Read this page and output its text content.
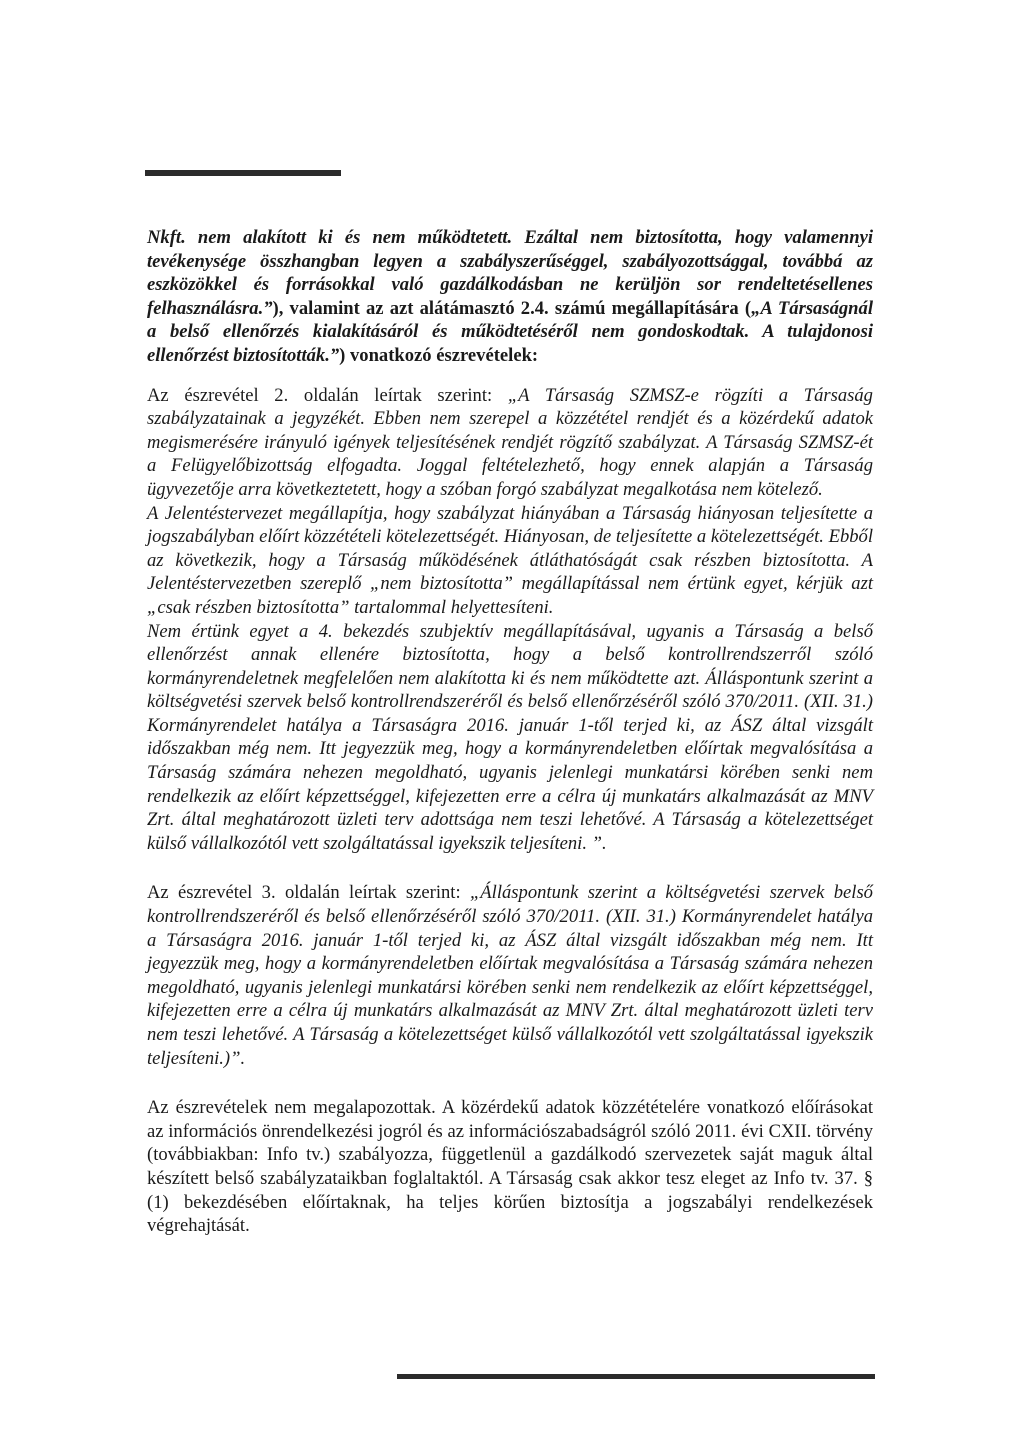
Nkft. nem alakított ki és nem működtetett. Ezáltal nem biztosította, hogy valamennyi tevékenysége összhangban legyen a szabályszerűséggel, szabályozottsággal, továbbá az eszközökkel és forrásokkal való gazdálkodásban ne kerüljön sor rendeltetésellenes felhasználásra.”), valamint az azt alátámasztó 2.4. számú megállapítására („A Társaságnál a belső ellenőrzés kialakításáról és működtetéséről nem gondoskodtak. A tulajdonosi ellenőrzést biztosították.”) vonatkozó észrevételek:

Az észrevétel 2. oldalán leírtak szerint: „A Társaság SZMSZ-e rögzíti a Társaság szabályzatainak a jegyzékét. Ebben nem szerepel a közzététel rendjét és a közérdekű adatok megismerésére irányuló igények teljesítésének rendjét rögzítő szabályzat. A Társaság SZMSZ-ét a Felügyelőbizottság elfogadta. Joggal feltételezhető, hogy ennek alapján a Társaság ügyvezetője arra következtetett, hogy a szóban forgó szabályzat megalkotása nem kötelező.

A Jelentéstervezet megállapítja, hogy szabályzat hiányában a Társaság hiányosan teljesítette a jogszabályban előírt közzétételi kötelezettségét. Hiányosan, de teljesítette a kötelezettségét. Ebből az következik, hogy a Társaság működésének átláthatóságát csak részben biztosította. A Jelentéstervezetben szereplő „nem biztosította” megállapítással nem értünk egyet, kérjük azt „csak részben biztosította” tartalommal helyettesíteni.

Nem értünk egyet a 4. bekezdés szubjektív megállapításával, ugyanis a Társaság a belső ellenőrzést annak ellenére biztosította, hogy a belső kontrollrendszerről szóló kormányrendeletnek megfelelően nem alakította ki és nem működtette azt. Álláspontunk szerint a költségvetési szervek belső kontrollrendszeréről és belső ellenőrzéséről szóló 370/2011. (XII. 31.) Kormányrendelet hatálya a Társaságra 2016. január 1-től terjed ki, az ÁSZ által vizsgált időszakban még nem. Itt jegyezzük meg, hogy a kormányrendeletben előírtak megvalósítása a Társaság számára nehezen megoldható, ugyanis jelenlegi munkatársi körében senki nem rendelkezik az előírt képzettséggel, kifejezetten erre a célra új munkatárs alkalmazását az MNV Zrt. által meghatározott üzleti terv adottsága nem teszi lehetővé. A Társaság a kötelezettséget külső vállalkozótól vett szolgáltatással igyekszik teljesíteni. ”.

Az észrevétel 3. oldalán leírtak szerint: „Álláspontunk szerint a költségvetési szervek belső kontrollrendszeréről és belső ellenőrzéséről szóló 370/2011. (XII. 31.) Kormányrendelet hatálya a Társaságra 2016. január 1-től terjed ki, az ÁSZ által vizsgált időszakban még nem. Itt jegyezzük meg, hogy a kormányrendeletben előírtak megvalósítása a Társaság számára nehezen megoldható, ugyanis jelenlegi munkatársi körében senki nem rendelkezik az előírt képzettséggel, kifejezetten erre a célra új munkatárs alkalmazását az MNV Zrt. által meghatározott üzleti terv nem teszi lehetővé. A Társaság a kötelezettséget külső vállalkozótól vett szolgáltatással igyekszik teljesíteni.)”.

Az észrevételek nem megalapozottak. A közérdekű adatok közzétételére vonatkozó előírásokat az információs önrendelkezési jogról és az információszabadságról szóló 2011. évi CXII. törvény (továbbiakban: Info tv.) szabályozza, függetlenül a gazdálkodó szervezetek saját maguk által készített belső szabályzataikban foglaltaktól. A Társaság csak akkor tesz eleget az Info tv. 37. § (1) bekezdésében előírtaknak, ha teljes körűen biztosítja a jogszabályi rendelkezések végrehajtását.
